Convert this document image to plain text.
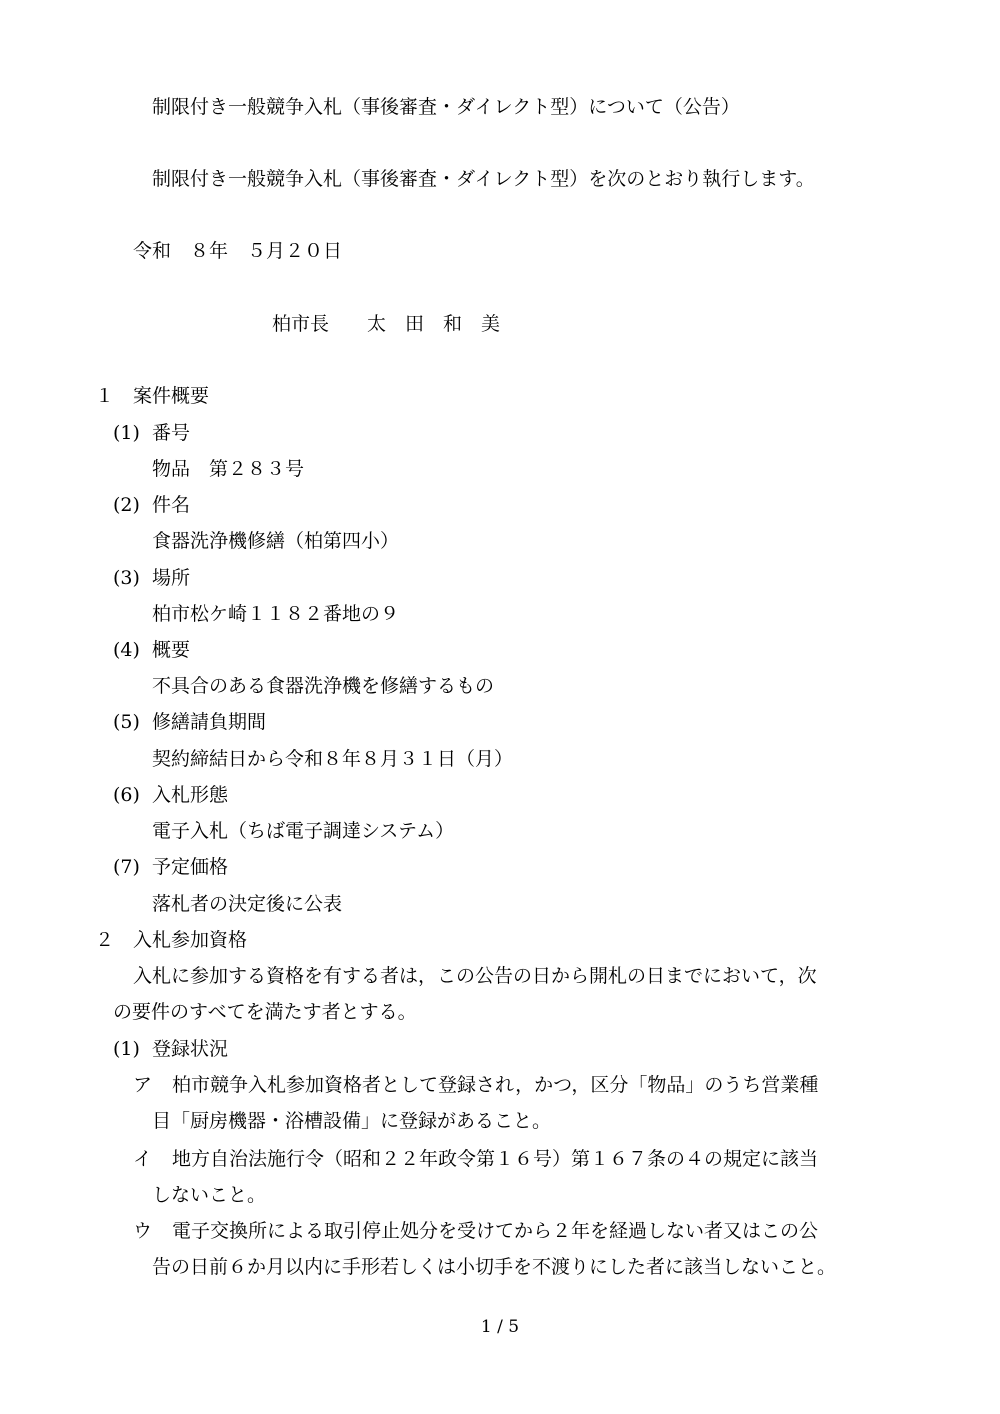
制限付き一般競争入札（事後審査・ダイレクト型）について（公告）
制限付き一般競争入札（事後審査・ダイレクト型）を次のとおり執行します。
令和　８年　５月２０日
柏市長　　太　田　和　美
１　案件概要
(1) 番号
物品　第２８３号
(2) 件名
食器洗浄機修繕（柏第四小）
(3) 場所
柏市松ケ崎１１８２番地の９
(4) 概要
不具合のある食器洗浄機を修繕するもの
(5) 修繕請負期間
契約締結日から令和８年８月３１日（月）
(6) 入札形態
電子入札（ちば電子調達システム）
(7) 予定価格
落札者の決定後に公表
２　入札参加資格
入札に参加する資格を有する者は，この公告の日から開札の日までにおいて，次
の要件のすべてを満たす者とする。
(1) 登録状況
ア 柏市競争入札参加資格者として登録され，かつ，区分「物品」のうち営業種
目「厨房機器・浴槽設備」に登録があること。
イ 地方自治法施行令（昭和２２年政令第１６号）第１６７条の４の規定に該当
しないこと。
ウ 電子交換所による取引停止処分を受けてから２年を経過しない者又はこの公
告の日前６か月以内に手形若しくは小切手を不渡りにした者に該当しないこと。
1 / 5
